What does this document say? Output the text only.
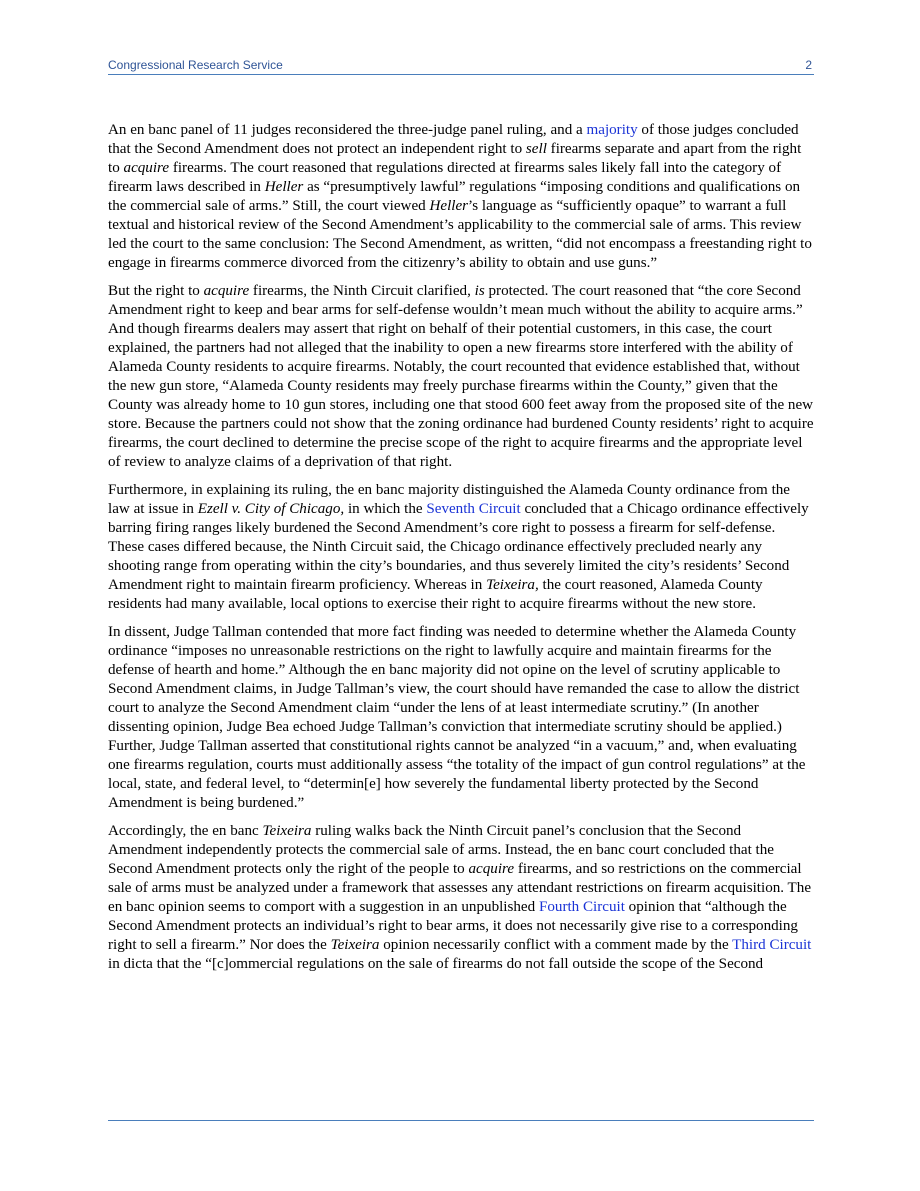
Congressional Research Service	2

An en banc panel of 11 judges reconsidered the three-judge panel ruling, and a majority of those judges concluded that the Second Amendment does not protect an independent right to sell firearms separate and apart from the right to acquire firearms. The court reasoned that regulations directed at firearms sales likely fall into the category of firearm laws described in Heller as “presumptively lawful” regulations “imposing conditions and qualifications on the commercial sale of arms.” Still, the court viewed Heller’s language as “sufficiently opaque” to warrant a full textual and historical review of the Second Amendment’s applicability to the commercial sale of arms. This review led the court to the same conclusion: The Second Amendment, as written, “did not encompass a freestanding right to engage in firearms commerce divorced from the citizenry’s ability to obtain and use guns.”

But the right to acquire firearms, the Ninth Circuit clarified, is protected. The court reasoned that “the core Second Amendment right to keep and bear arms for self-defense wouldn’t mean much without the ability to acquire arms.” And though firearms dealers may assert that right on behalf of their potential customers, in this case, the court explained, the partners had not alleged that the inability to open a new firearms store interfered with the ability of Alameda County residents to acquire firearms. Notably, the court recounted that evidence established that, without the new gun store, “Alameda County residents may freely purchase firearms within the County,” given that the County was already home to 10 gun stores, including one that stood 600 feet away from the proposed site of the new store. Because the partners could not show that the zoning ordinance had burdened County residents’ right to acquire firearms, the court declined to determine the precise scope of the right to acquire firearms and the appropriate level of review to analyze claims of a deprivation of that right.

Furthermore, in explaining its ruling, the en banc majority distinguished the Alameda County ordinance from the law at issue in Ezell v. City of Chicago, in which the Seventh Circuit concluded that a Chicago ordinance effectively barring firing ranges likely burdened the Second Amendment’s core right to possess a firearm for self-defense. These cases differed because, the Ninth Circuit said, the Chicago ordinance effectively precluded nearly any shooting range from operating within the city’s boundaries, and thus severely limited the city’s residents’ Second Amendment right to maintain firearm proficiency. Whereas in Teixeira, the court reasoned, Alameda County residents had many available, local options to exercise their right to acquire firearms without the new store.

In dissent, Judge Tallman contended that more fact finding was needed to determine whether the Alameda County ordinance “imposes no unreasonable restrictions on the right to lawfully acquire and maintain firearms for the defense of hearth and home.” Although the en banc majority did not opine on the level of scrutiny applicable to Second Amendment claims, in Judge Tallman’s view, the court should have remanded the case to allow the district court to analyze the Second Amendment claim “under the lens of at least intermediate scrutiny.” (In another dissenting opinion, Judge Bea echoed Judge Tallman’s conviction that intermediate scrutiny should be applied.) Further, Judge Tallman asserted that constitutional rights cannot be analyzed “in a vacuum,” and, when evaluating one firearms regulation, courts must additionally assess “the totality of the impact of gun control regulations” at the local, state, and federal level, to “determin[e] how severely the fundamental liberty protected by the Second Amendment is being burdened.”

Accordingly, the en banc Teixeira ruling walks back the Ninth Circuit panel’s conclusion that the Second Amendment independently protects the commercial sale of arms. Instead, the en banc court concluded that the Second Amendment protects only the right of the people to acquire firearms, and so restrictions on the commercial sale of arms must be analyzed under a framework that assesses any attendant restrictions on firearm acquisition. The en banc opinion seems to comport with a suggestion in an unpublished Fourth Circuit opinion that “although the Second Amendment protects an individual’s right to bear arms, it does not necessarily give rise to a corresponding right to sell a firearm.” Nor does the Teixeira opinion necessarily conflict with a comment made by the Third Circuit in dicta that the “[c]ommercial regulations on the sale of firearms do not fall outside the scope of the Second
